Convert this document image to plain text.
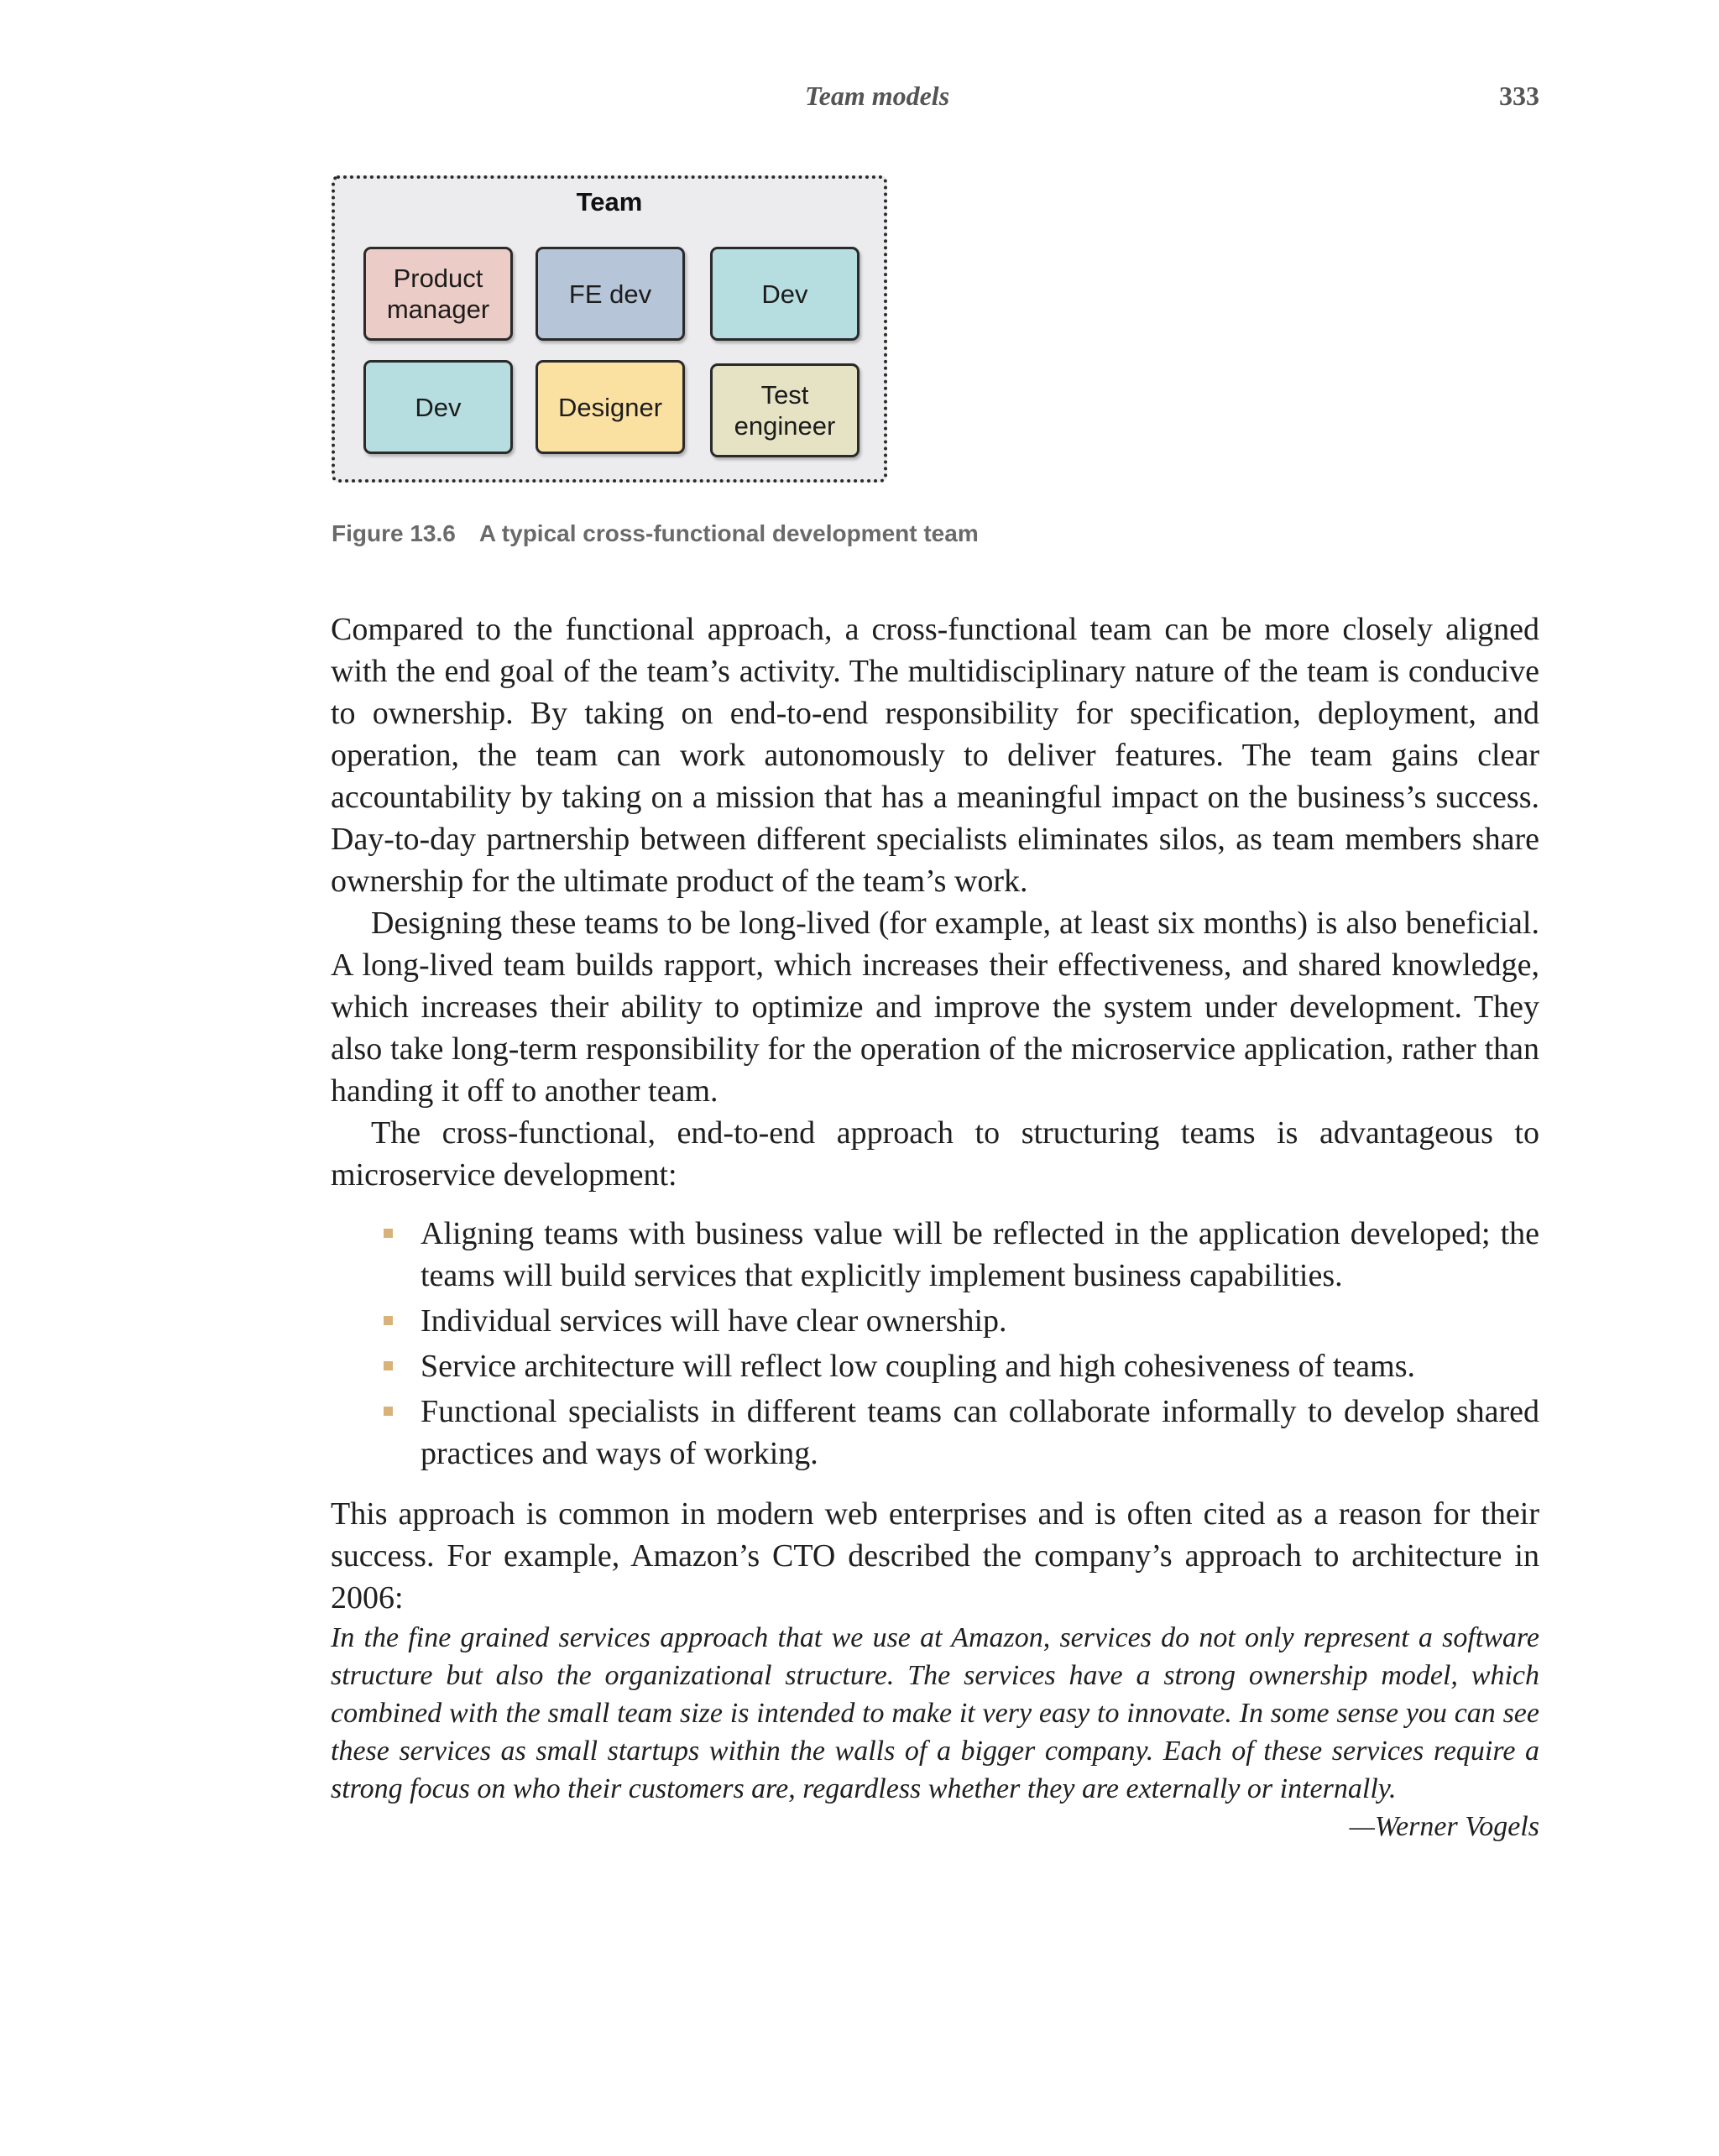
Team models	333
Team
Product
manager
FE dev	Dev
Dev	Designer	Test
engineer
Figure 13.6 A typical cross-functional development team

Compared to the functional approach, a cross-functional team can be more closely aligned with the end goal of the team’s activity. The multidisciplinary nature of the team is conducive to ownership. By taking on end-to-end responsibility for specification, deployment, and operation, the team can work autonomously to deliver features. The team gains clear accountability by taking on a mission that has a meaningful impact on the business’s success. Day-to-day partnership between different specialists eliminates silos, as team members share ownership for the ultimate product of the team’s work.

Designing these teams to be long-lived (for example, at least six months) is also beneficial. A long-lived team builds rapport, which increases their effectiveness, and shared knowledge, which increases their ability to optimize and improve the system under development. They also take long-term responsibility for the operation of the microservice application, rather than handing it off to another team.

The cross-functional, end-to-end approach to structuring teams is advantageous to microservice development:

Aligning teams with business value will be reflected in the application developed; the teams will build services that explicitly implement business capabilities.
Individual services will have clear ownership.
Service architecture will reflect low coupling and high cohesiveness of teams.
Functional specialists in different teams can collaborate informally to develop shared practices and ways of working.

This approach is common in modern web enterprises and is often cited as a reason for their success. For example, Amazon’s CTO described the company’s approach to architecture in 2006:

In the fine grained services approach that we use at Amazon, services do not only represent a software structure but also the organizational structure. The services have a strong ownership model, which combined with the small team size is intended to make it very easy to innovate. In some sense you can see these services as small startups within the walls of a bigger company. Each of these services require a strong focus on who their customers are, regardless whether they are externally or internally.

—Werner Vogels
